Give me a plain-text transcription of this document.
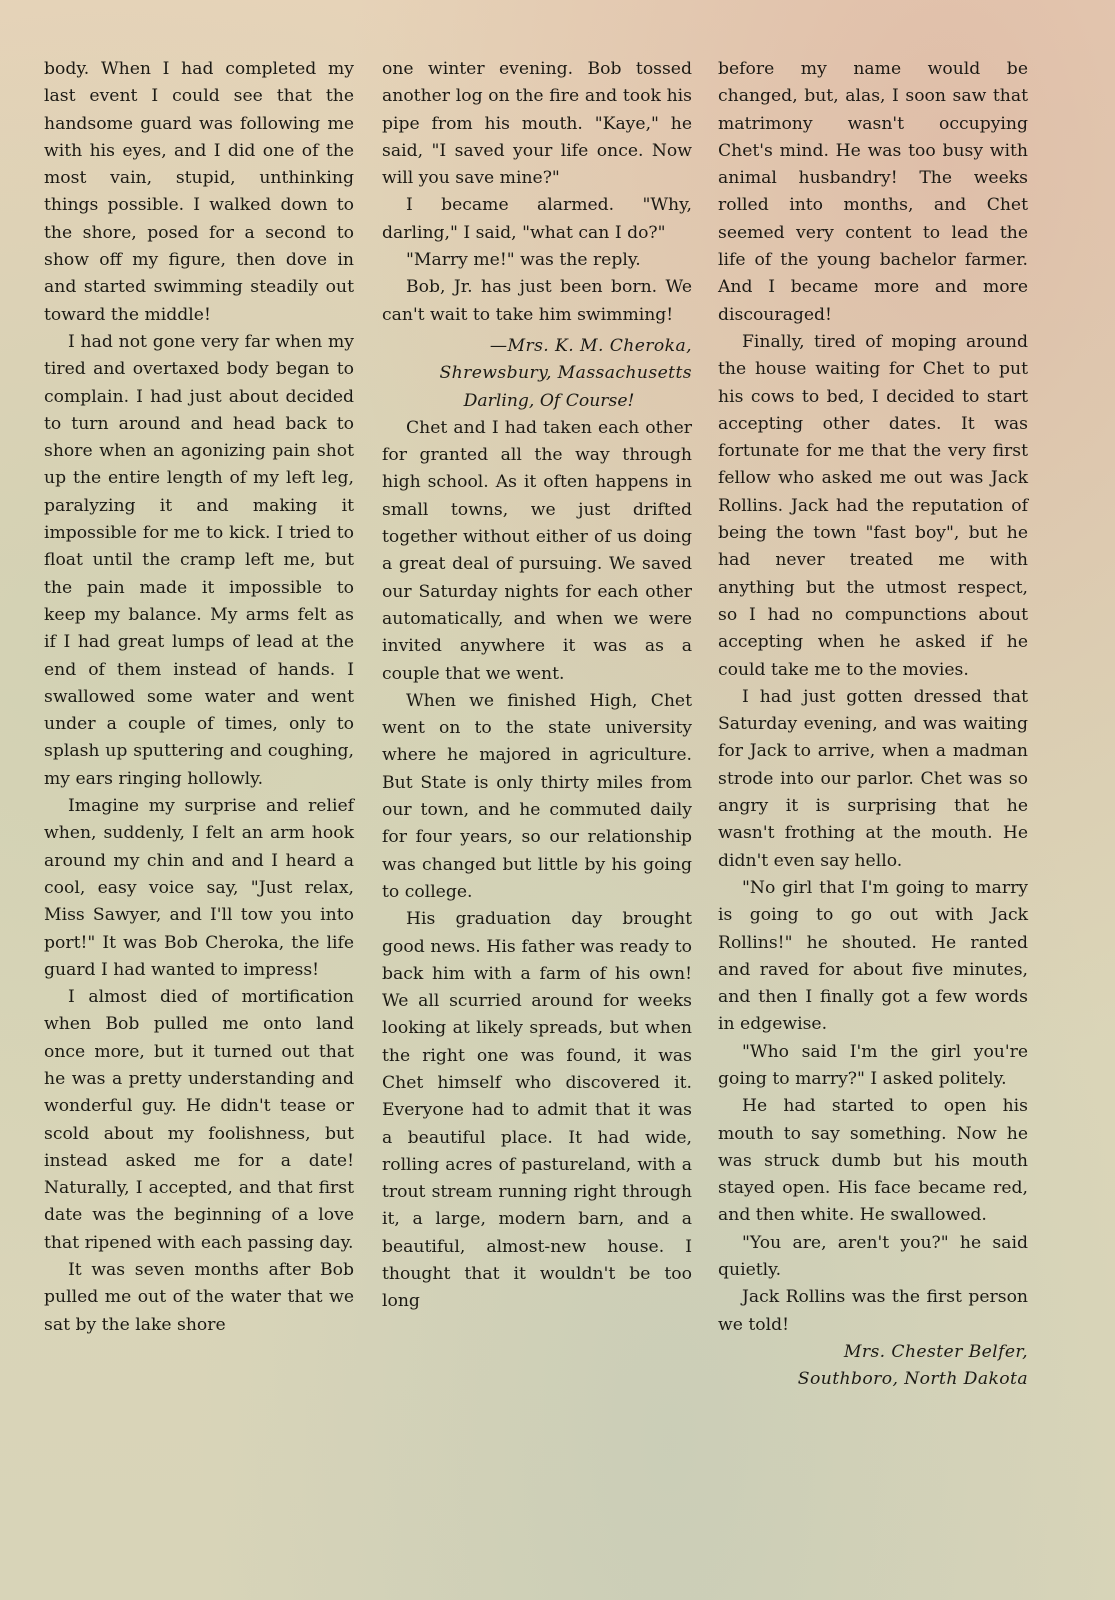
body. When I had completed my last event I could see that the handsome guard was following me with his eyes, and I did one of the most vain, stupid, unthinking things possible. I walked down to the shore, posed for a second to show off my figure, then dove in and started swimming steadily out toward the middle!

I had not gone very far when my tired and overtaxed body began to complain. I had just about decided to turn around and head back to shore when an agonizing pain shot up the entire length of my left leg, paralyzing it and making it impossible for me to kick. I tried to float until the cramp left me, but the pain made it impossible to keep my balance. My arms felt as if I had great lumps of lead at the end of them instead of hands. I swallowed some water and went under a couple of times, only to splash up sputtering and coughing, my ears ringing hollowly.

Imagine my surprise and relief when, suddenly, I felt an arm hook around my chin and and I heard a cool, easy voice say, "Just relax, Miss Sawyer, and I'll tow you into port!" It was Bob Cheroka, the life guard I had wanted to impress!

I almost died of mortification when Bob pulled me onto land once more, but it turned out that he was a pretty understanding and wonderful guy. He didn't tease or scold about my foolishness, but instead asked me for a date! Naturally, I accepted, and that first date was the beginning of a love that ripened with each passing day.

It was seven months after Bob pulled me out of the water that we sat by the lake shore

one winter evening. Bob tossed another log on the fire and took his pipe from his mouth. "Kaye," he said, "I saved your life once. Now will you save mine?"

I became alarmed. "Why, darling," I said, "what can I do?"

"Marry me!" was the reply.

Bob, Jr. has just been born. We can't wait to take him swimming!

—Mrs. K. M. Cheroka,

Shrewsbury, Massachusetts

Darling, Of Course!

Chet and I had taken each other for granted all the way through high school. As it often happens in small towns, we just drifted together without either of us doing a great deal of pursuing. We saved our Saturday nights for each other automatically, and when we were invited anywhere it was as a couple that we went.

When we finished High, Chet went on to the state university where he majored in agriculture. But State is only thirty miles from our town, and he commuted daily for four years, so our relationship was changed but little by his going to college.

His graduation day brought good news. His father was ready to back him with a farm of his own! We all scurried around for weeks looking at likely spreads, but when the right one was found, it was Chet himself who discovered it. Everyone had to admit that it was a beautiful place. It had wide, rolling acres of pastureland, with a trout stream running right through it, a large, modern barn, and a beautiful, almost-new house. I thought that it wouldn't be too long

before my name would be changed, but, alas, I soon saw that matrimony wasn't occupying Chet's mind. He was too busy with animal husbandry! The weeks rolled into months, and Chet seemed very content to lead the life of the young bachelor farmer. And I became more and more discouraged!

Finally, tired of moping around the house waiting for Chet to put his cows to bed, I decided to start accepting other dates. It was fortunate for me that the very first fellow who asked me out was Jack Rollins. Jack had the reputation of being the town "fast boy", but he had never treated me with anything but the utmost respect, so I had no compunctions about accepting when he asked if he could take me to the movies.

I had just gotten dressed that Saturday evening, and was waiting for Jack to arrive, when a madman strode into our parlor. Chet was so angry it is surprising that he wasn't frothing at the mouth. He didn't even say hello.

"No girl that I'm going to marry is going to go out with Jack Rollins!" he shouted. He ranted and raved for about five minutes, and then I finally got a few words in edgewise.

"Who said I'm the girl you're going to marry?" I asked politely.

He had started to open his mouth to say something. Now he was struck dumb but his mouth stayed open. His face became red, and then white. He swallowed.

"You are, aren't you?" he said quietly.

Jack Rollins was the first person we told!

Mrs. Chester Belfer,

Southboro, North Dakota
